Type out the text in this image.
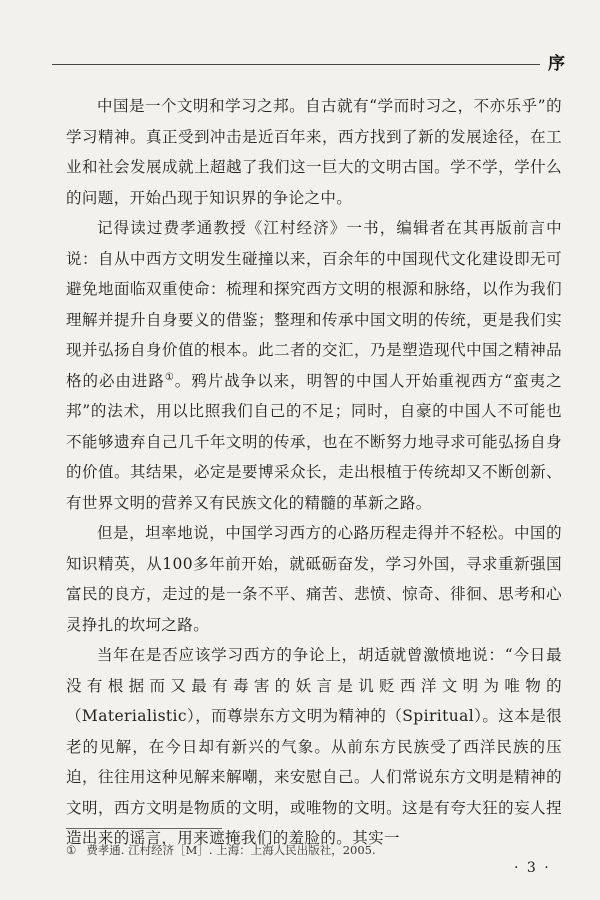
序

中国是一个文明和学习之邦。自古就有“学而时习之，不亦乐乎”的学习精神。真正受到冲击是近百年来，西方找到了新的发展途径，在工业和社会发展成就上超越了我们这一巨大的文明古国。学不学，学什么的问题，开始凸现于知识界的争论之中。

记得读过费孝通教授《江村经济》一书，编辑者在其再版前言中说：自从中西方文明发生碰撞以来，百余年的中国现代文化建设即无可避免地面临双重使命：梳理和探究西方文明的根源和脉络，以作为我们理解并提升自身要义的借鉴；整理和传承中国文明的传统，更是我们实现并弘扬自身价值的根本。此二者的交汇，乃是塑造现代中国之精神品格的必由进路①。鸦片战争以来，明智的中国人开始重视西方“蛮夷之邦”的法术，用以比照我们自己的不足；同时，自豪的中国人不可能也不能够遗弃自己几千年文明的传承，也在不断努力地寻求可能弘扬自身的价值。其结果，必定是要博采众长，走出根植于传统却又不断创新、有世界文明的营养又有民族文化的精髓的革新之路。

但是，坦率地说，中国学习西方的心路历程走得并不轻松。中国的知识精英，从100多年前开始，就砥砺奋发，学习外国，寻求重新强国富民的良方，走过的是一条不平、痛苦、悲愤、惊奇、徘徊、思考和心灵挣扎的坎坷之路。

当年在是否应该学习西方的争论上，胡适就曾激愤地说：“今日最没有根据而又最有毒害的妖言是讥贬西洋文明为唯物的（Materialistic），而尊崇东方文明为精神的（Spiritual）。这本是很老的见解，在今日却有新兴的气象。从前东方民族受了西洋民族的压迫，往往用这种见解来解嘲，来安慰自己。人们常说东方文明是精神的文明，西方文明是物质的文明，或唯物的文明。这是有夸大狂的妄人捏造出来的谣言，用来遮掩我们的羞脸的。其实一

① 费孝通. 江村经济［M］. 上海：上海人民出版社，2005.
· 3 ·
